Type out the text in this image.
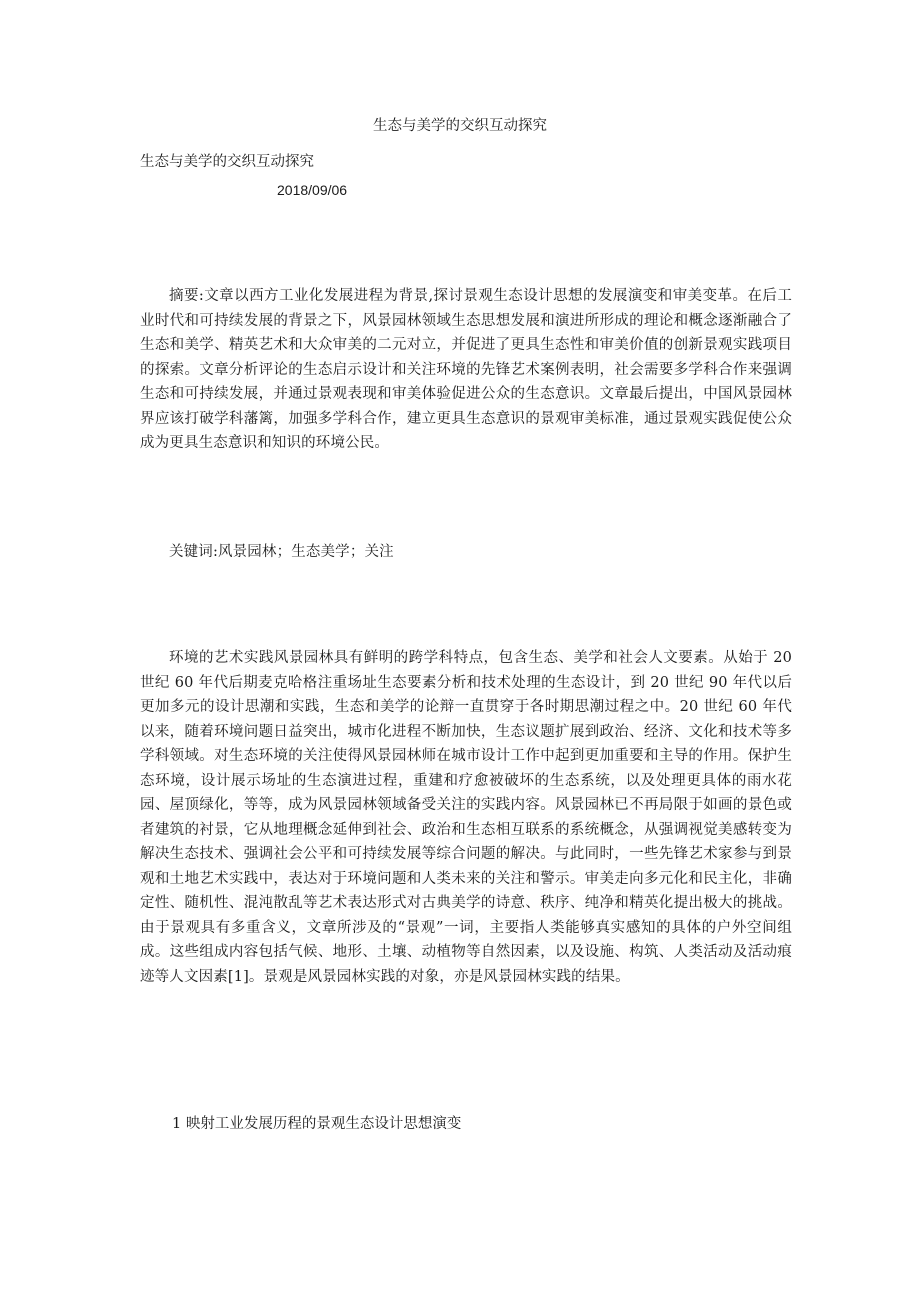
生态与美学的交织互动探究
生态与美学的交织互动探究
2018/09/06

摘要:文章以西方工业化发展进程为背景,探讨景观生态设计思想的发展演变和审美变革。在后工业时代和可持续发展的背景之下，风景园林领域生态思想发展和演进所形成的理论和概念逐渐融合了生态和美学、精英艺术和大众审美的二元对立，并促进了更具生态性和审美价值的创新景观实践项目的探索。文章分析评论的生态启示设计和关注环境的先锋艺术案例表明，社会需要多学科合作来强调生态和可持续发展，并通过景观表现和审美体验促进公众的生态意识。文章最后提出，中国风景园林界应该打破学科藩篱，加强多学科合作，建立更具生态意识的景观审美标准，通过景观实践促使公众成为更具生态意识和知识的环境公民。

关键词:风景园林；生态美学；关注

环境的艺术实践风景园林具有鲜明的跨学科特点，包含生态、美学和社会人文要素。从始于 20 世纪 60 年代后期麦克哈格注重场址生态要素分析和技术处理的生态设计，到 20 世纪 90 年代以后更加多元的设计思潮和实践，生态和美学的论辩一直贯穿于各时期思潮过程之中。20 世纪 60 年代以来，随着环境问题日益突出，城市化进程不断加快，生态议题扩展到政治、经济、文化和技术等多学科领域。对生态环境的关注使得风景园林师在城市设计工作中起到更加重要和主导的作用。保护生态环境，设计展示场址的生态演进过程，重建和疗愈被破坏的生态系统，以及处理更具体的雨水花园、屋顶绿化，等等，成为风景园林领域备受关注的实践内容。风景园林已不再局限于如画的景色或者建筑的衬景，它从地理概念延伸到社会、政治和生态相互联系的系统概念，从强调视觉美感转变为解决生态技术、强调社会公平和可持续发展等综合问题的解决。与此同时，一些先锋艺术家参与到景观和土地艺术实践中，表达对于环境问题和人类未来的关注和警示。审美走向多元化和民主化，非确定性、随机性、混沌散乱等艺术表达形式对古典美学的诗意、秩序、纯净和精英化提出极大的挑战。由于景观具有多重含义，文章所涉及的“景观”一词，主要指人类能够真实感知的具体的户外空间组成。这些组成内容包括气候、地形、土壤、动植物等自然因素，以及设施、构筑、人类活动及活动痕迹等人文因素[1]。景观是风景园林实践的对象，亦是风景园林实践的结果。

1 映射工业发展历程的景观生态设计思想演变
